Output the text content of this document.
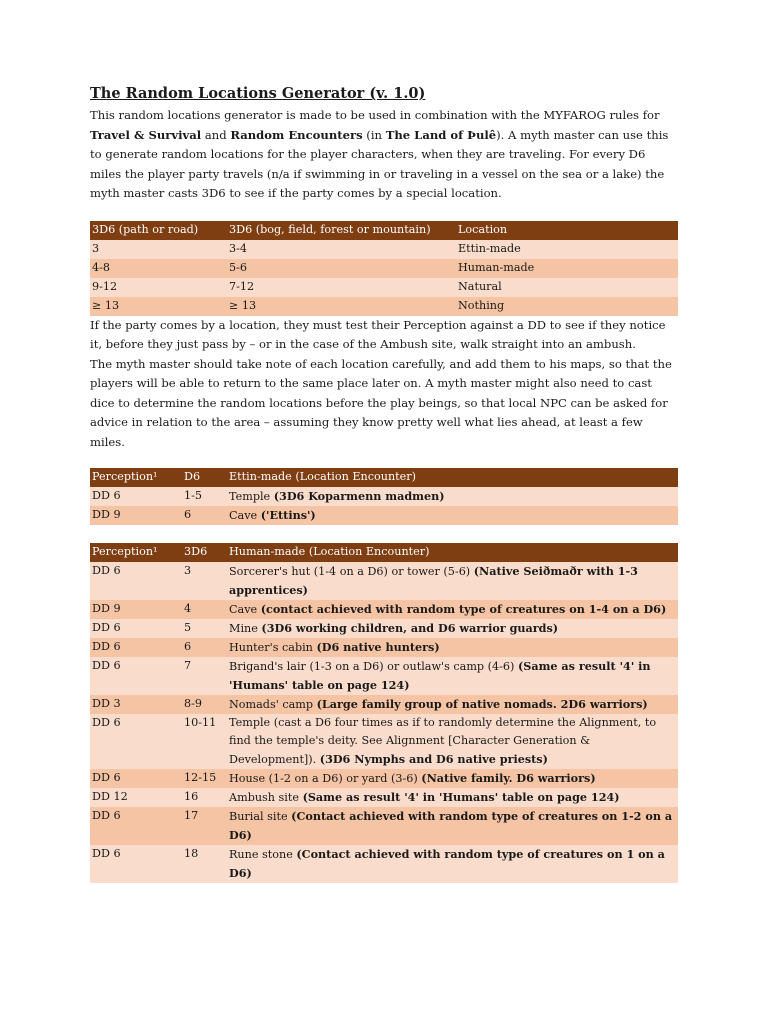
The Random Locations Generator (v. 1.0)

This random locations generator is made to be used in combination with the MYFAROG rules for Travel & Survival and Random Encounters (in The Land of Þulê). A myth master can use this to generate random locations for the player characters, when they are traveling. For every D6 miles the player party travels (n/a if swimming in or traveling in a vessel on the sea or a lake) the myth master casts 3D6 to see if the party comes by a special location.

3D6 (path or road)	3D6 (bog, field, forest or mountain)	Location
3	3-4	Ettin-made
4-8	5-6	Human-made
9-12	7-12	Natural
≥ 13	≥ 13	Nothing

If the party comes by a location, they must test their Perception against a DD to see if they notice it, before they just pass by – or in the case of the Ambush site, walk straight into an ambush.

The myth master should take note of each location carefully, and add them to his maps, so that the players will be able to return to the same place later on. A myth master might also need to cast dice to determine the random locations before the play beings, so that local NPC can be asked for advice in relation to the area – assuming they know pretty well what lies ahead, at least a few miles.

Perception¹	D6	Ettin-made (Location Encounter)
DD 6	1-5	Temple (3D6 Koparmenn madmen)
DD 9	6	Cave ('Ettins')
Perception¹	3D6	Human-made (Location Encounter)
DD 6	3	Sorcerer's hut (1-4 on a D6) or tower (5-6) (Native Seiðmaðr with 1-3 apprentices)
DD 9	4	Cave (contact achieved with random type of creatures on 1-4 on a D6)
DD 6	5	Mine (3D6 working children, and D6 warrior guards)
DD 6	6	Hunter's cabin (D6 native hunters)
DD 6	7	Brigand's lair (1-3 on a D6) or outlaw's camp (4-6) (Same as result '4' in 'Humans' table on page 124)
DD 3	8-9	Nomads' camp (Large family group of native nomads. 2D6 warriors)
DD 6	10-11	Temple (cast a D6 four times as if to randomly determine the Alignment, to find the temple's deity. See Alignment [Character Generation & Development]). (3D6 Nymphs and D6 native priests)
DD 6	12-15	House (1-2 on a D6) or yard (3-6) (Native family. D6 warriors)
DD 12	16	Ambush site (Same as result '4' in 'Humans' table on page 124)
DD 6	17	Burial site (Contact achieved with random type of creatures on 1-2 on a D6)
DD 6	18	Rune stone (Contact achieved with random type of creatures on 1 on a D6)
